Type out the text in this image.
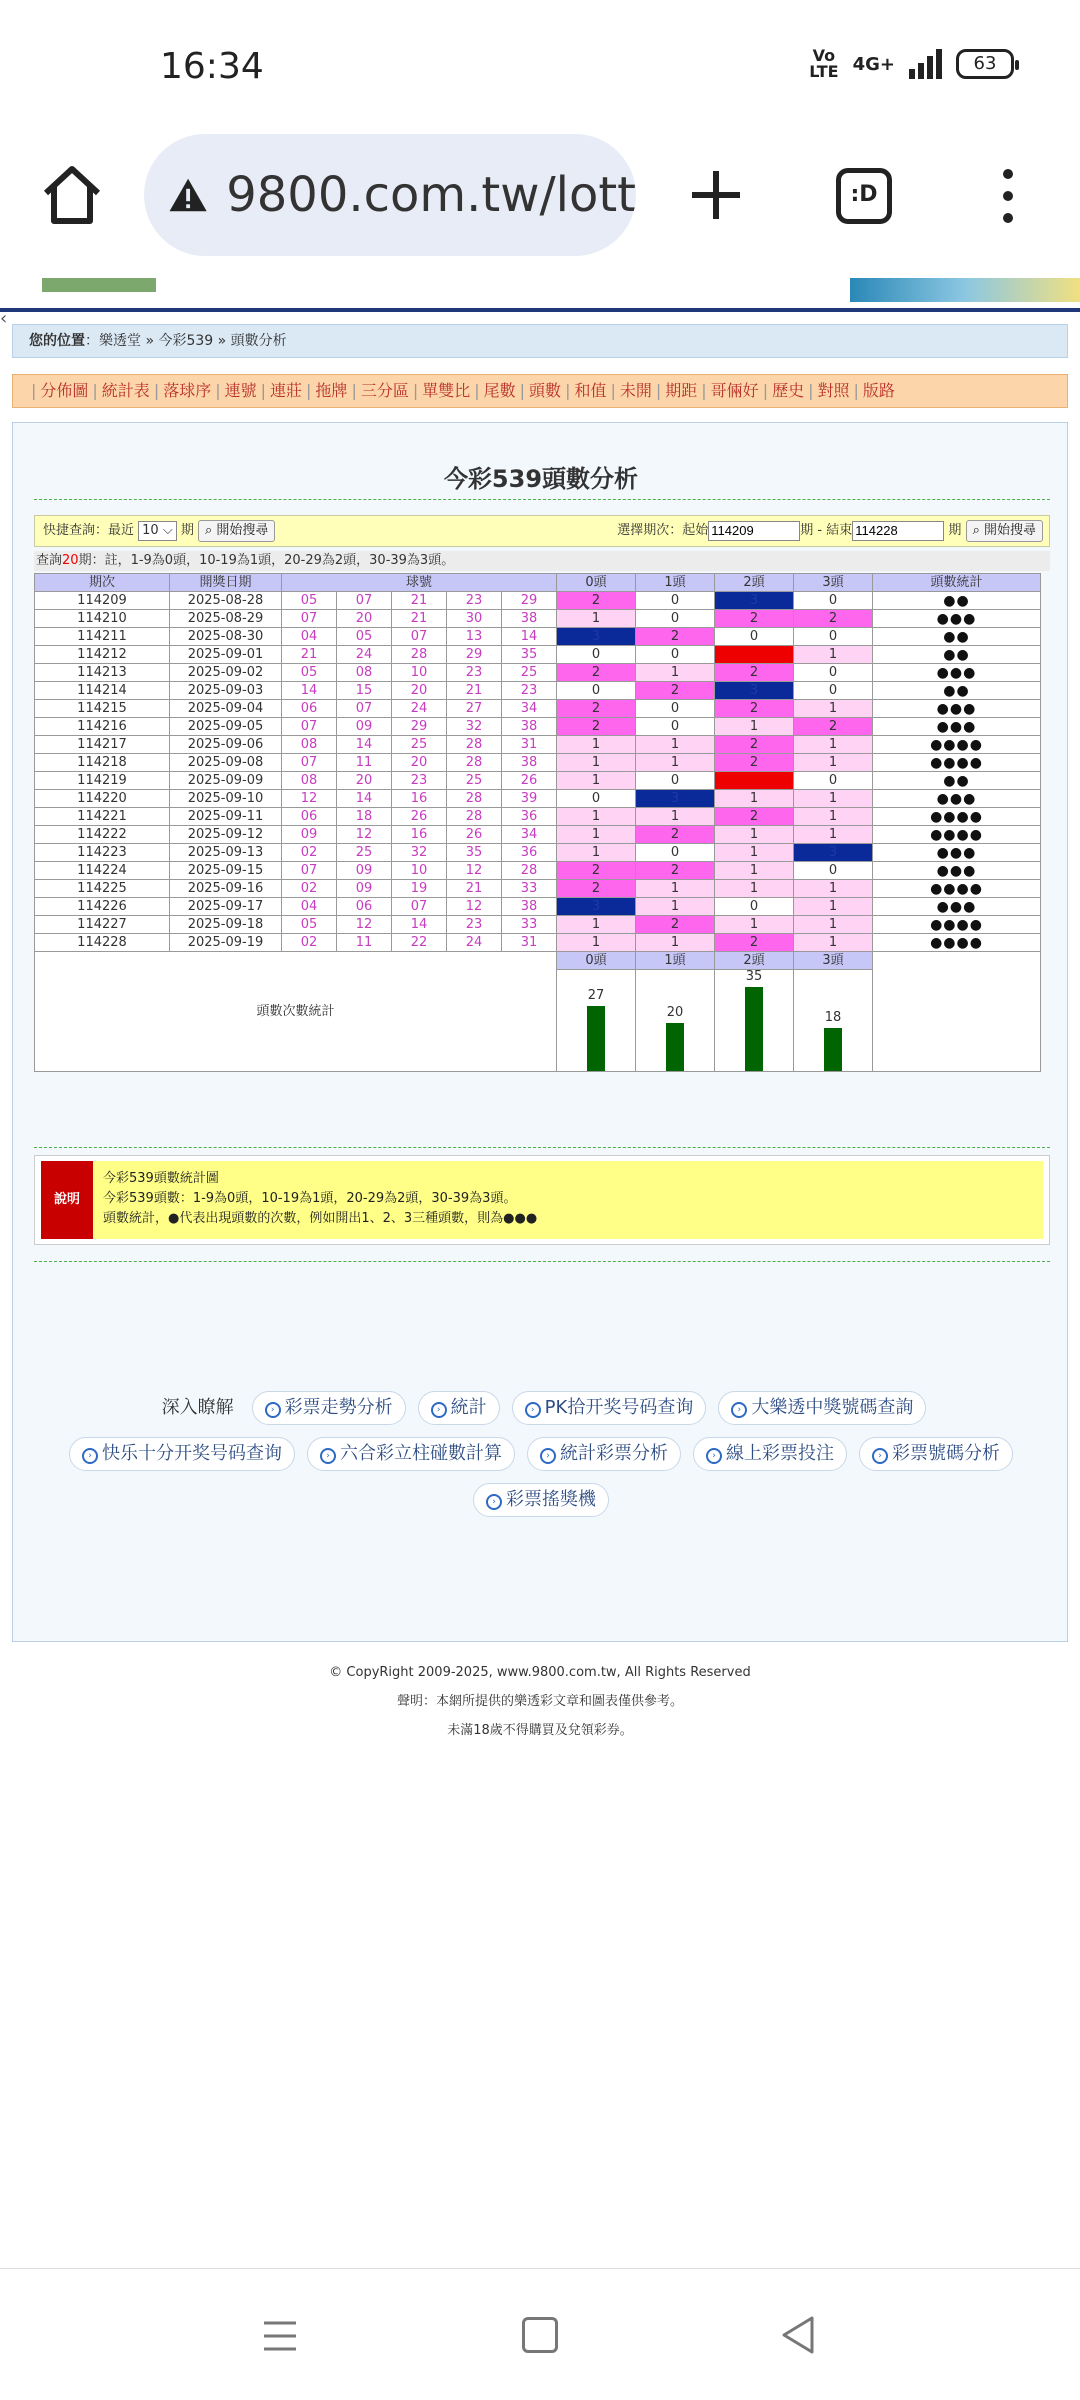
16:34	Vo
LTE 4G+	63
9800.com.tw/lott	:D
‹
您的位置：樂透堂 » 今彩539 » 頭數分析
| 分佈圖 | 統計表 | 落球序 | 連號 | 連莊 | 拖牌 | 三分區 | 單雙比 | 尾數 | 頭數 | 和值 | 未開 | 期距 | 哥倆好 | 歷史 | 對照 | 版路
今彩539頭數分析
快捷查詢：最近 10 ⌵ 期 ⌕ 開始搜尋	選擇期次：起始114209	期 - 結束114228	期 ⌕ 開始搜尋
查詢20期：註，1-9為0頭，10-19為1頭，20-29為2頭，30-39為3頭。
期次	開獎日期	球號					0頭	1頭	2頭	3頭	頭數統計
114209	2025-08-28	05	07	21	23	29	2	0	3	0	●●
114210	2025-08-29	07	20	21	30	38	1	0	2	2	●●●
114211	2025-08-30	04	05	07	13	14	3	2	0	0	●●
114212	2025-09-01	21	24	28	29	35	0	0	4	1	●●
114213	2025-09-02	05	08	10	23	25	2	1	2	0	●●●
114214	2025-09-03	14	15	20	21	23	0	2	3	0	●●
114215	2025-09-04	06	07	24	27	34	2	0	2	1	●●●
114216	2025-09-05	07	09	29	32	38	2	0	1	2	●●●
114217	2025-09-06	08	14	25	28	31	1	1	2	1	●●●●
114218	2025-09-08	07	11	20	28	38	1	1	2	1	●●●●
114219	2025-09-09	08	20	23	25	26	1	0	4	0	●●
114220	2025-09-10	12	14	16	28	39	0	3	1	1	●●●
114221	2025-09-11	06	18	26	28	36	1	1	2	1	●●●●
114222	2025-09-12	09	12	16	26	34	1	2	1	1	●●●●
114223	2025-09-13	02	25	32	35	36	1	0	1	3	●●●
114224	2025-09-15	07	09	10	12	28	2	2	1	0	●●●
114225	2025-09-16	02	09	19	21	33	2	1	1	1	●●●●
114226	2025-09-17	04	06	07	12	38	3	1	0	1	●●●
114227	2025-09-18	05	12	14	23	33	1	2	1	1	●●●●
114228	2025-09-19	02	11	22	24	31	1	1	2	1	●●●●
頭數次數統計							0頭	1頭	2頭	3頭	

							27	20	35	18	
說明
今彩539頭數統計圖
今彩539頭數：1-9為0頭，10-19為1頭，20-29為2頭，30-39為3頭。
頭數統計，●代表出現頭數的次數，例如開出1、2、3三種頭數，則為●●●
深入瞭解	› 彩票走勢分析	› 統計	› PK拾开奖号码查询	› 大樂透中獎號碼查詢
› 快乐十分开奖号码查询	› 六合彩立柱碰數計算	› 統計彩票分析	› 線上彩票投注	› 彩票號碼分析
› 彩票搖獎機
© CopyRight 2009-2025, www.9800.com.tw, All Rights Reserved
聲明：本網所提供的樂透彩文章和圖表僅供參考。
未滿18歲不得購買及兌領彩券。
